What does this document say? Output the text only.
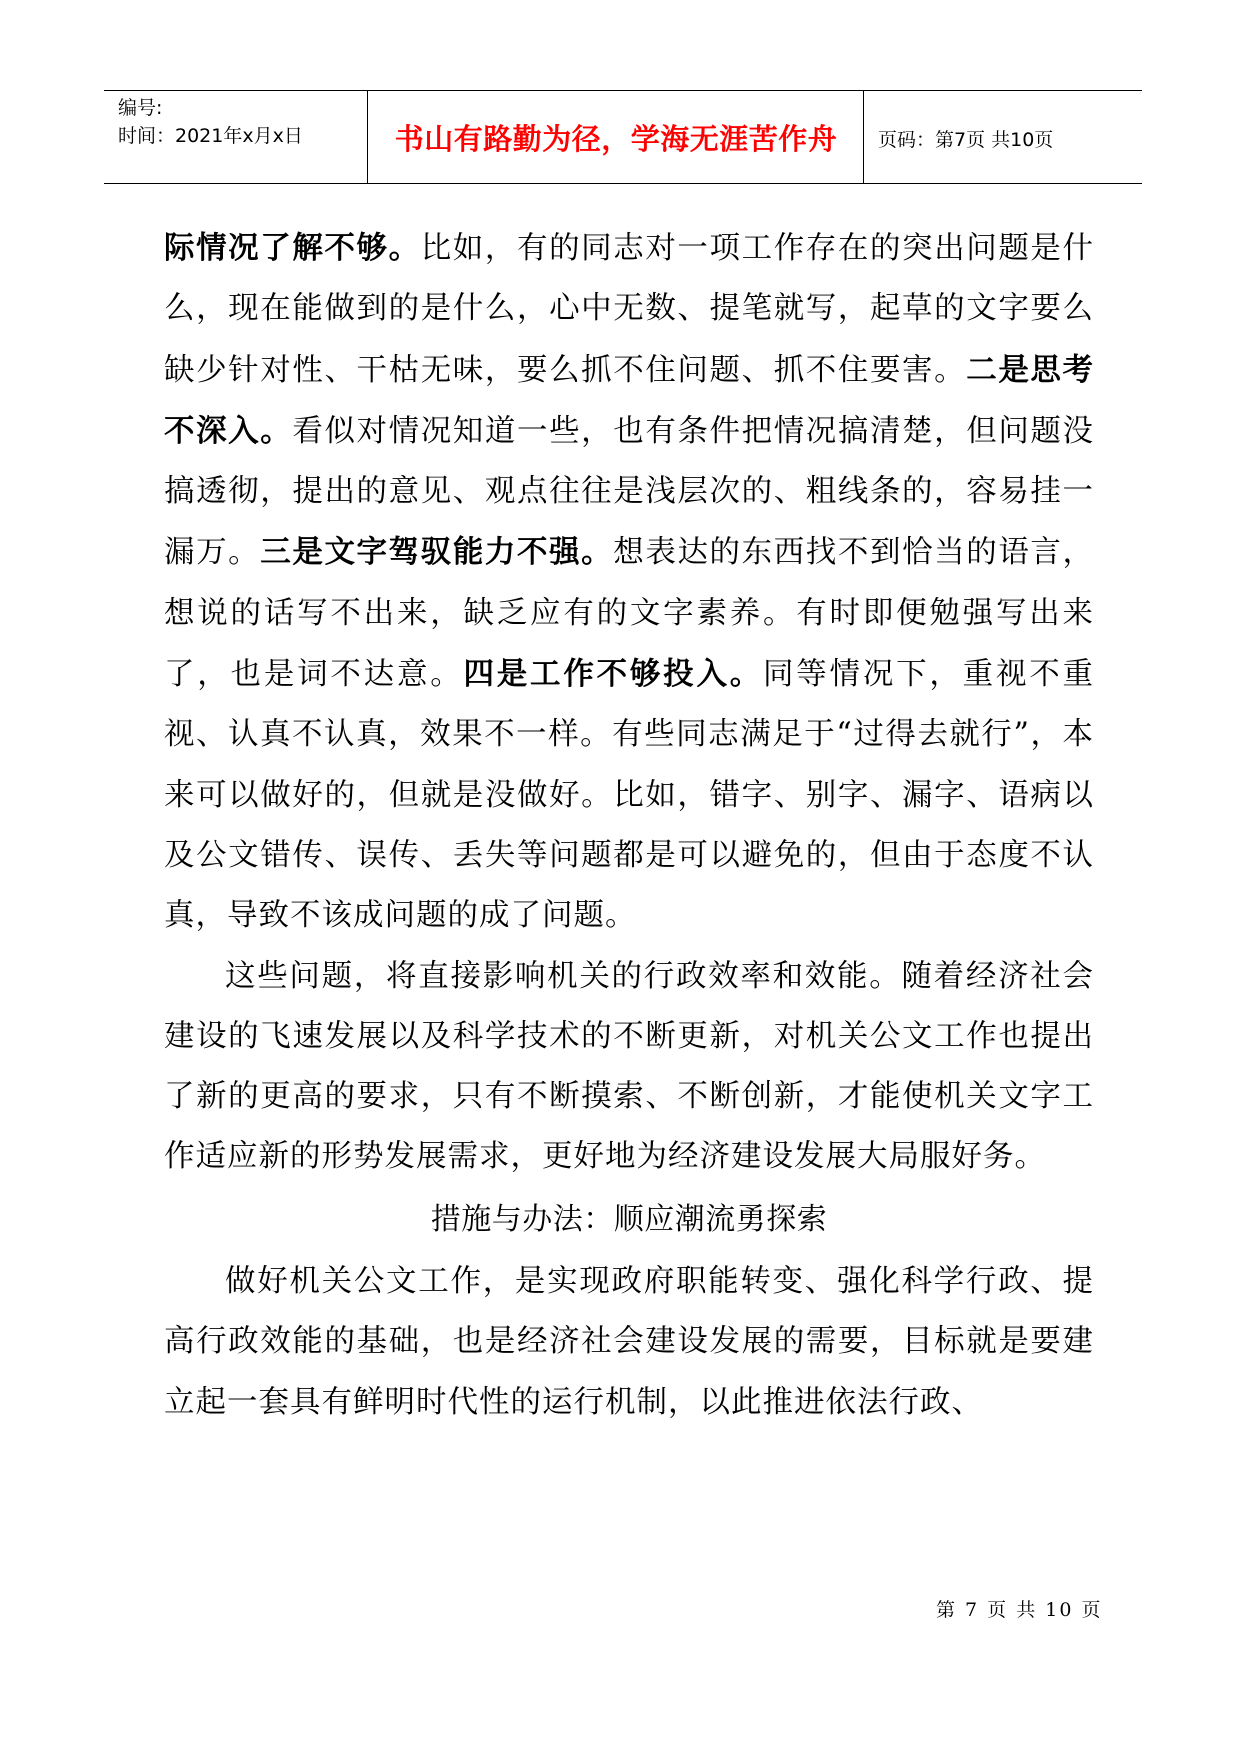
编号:
时间：2021年x月x日	书山有路勤为径，学海无涯苦作舟	页码：第7页 共10页

际情况了解不够。比如，有的同志对一项工作存在的突出问题是什么，现在能做到的是什么，心中无数、提笔就写，起草的文字要么缺少针对性、干枯无味，要么抓不住问题、抓不住要害。二是思考不深入。看似对情况知道一些，也有条件把情况搞清楚，但问题没搞透彻，提出的意见、观点往往是浅层次的、粗线条的，容易挂一漏万。三是文字驾驭能力不强。想表达的东西找不到恰当的语言，想说的话写不出来，缺乏应有的文字素养。有时即便勉强写出来了，也是词不达意。四是工作不够投入。同等情况下，重视不重视、认真不认真，效果不一样。有些同志满足于“过得去就行”，本来可以做好的，但就是没做好。比如，错字、别字、漏字、语病以及公文错传、误传、丢失等问题都是可以避免的，但由于态度不认真，导致不该成问题的成了问题。

这些问题，将直接影响机关的行政效率和效能。随着经济社会建设的飞速发展以及科学技术的不断更新，对机关公文工作也提出了新的更高的要求，只有不断摸索、不断创新，才能使机关文字工作适应新的形势发展需求，更好地为经济建设发展大局服好务。

措施与办法：顺应潮流勇探索

做好机关公文工作，是实现政府职能转变、强化科学行政、提高行政效能的基础，也是经济社会建设发展的需要，目标就是要建立起一套具有鲜明时代性的运行机制，以此推进依法行政、

第 7 页 共 10 页
